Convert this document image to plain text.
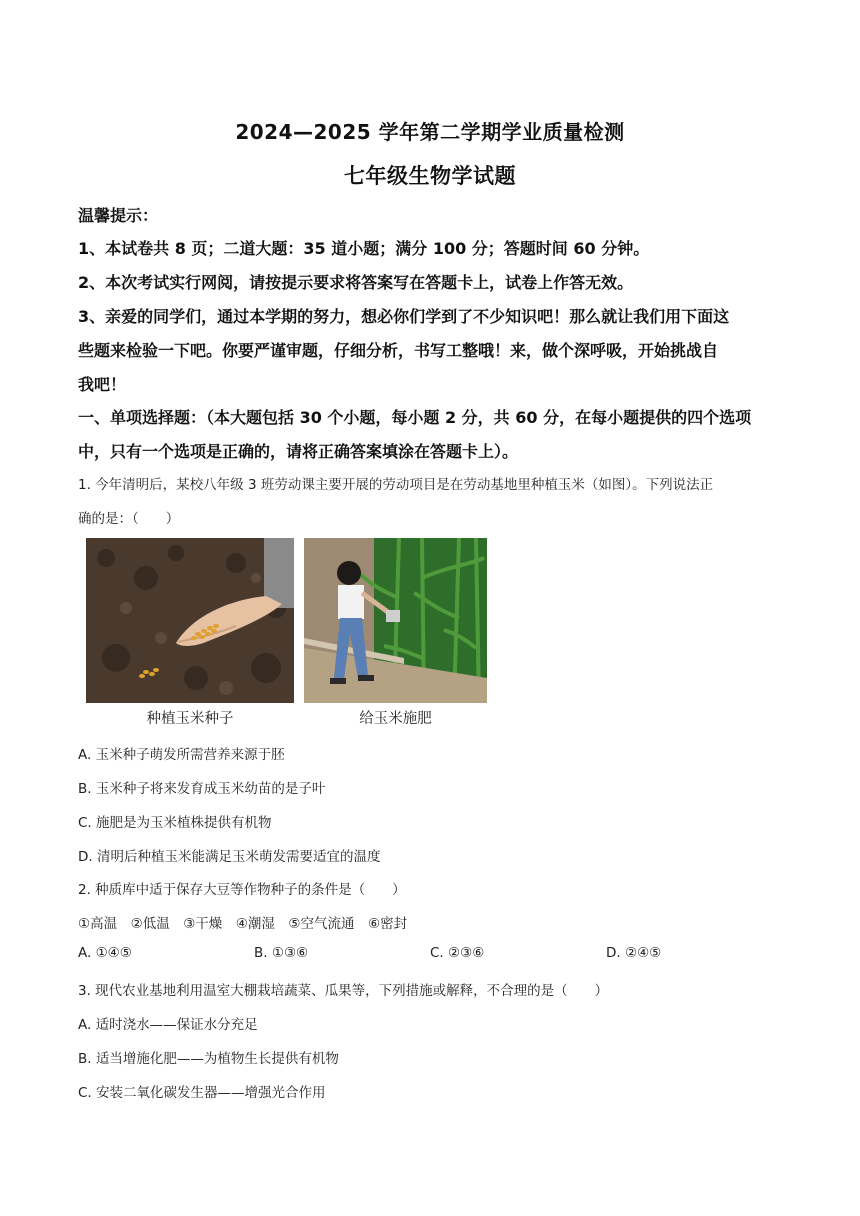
2024—2025 学年第二学期学业质量检测
七年级生物学试题
温馨提示：
1、本试卷共 8 页；二道大题：35 道小题；满分 100 分；答题时间 60 分钟。
2、本次考试实行网阅，请按提示要求将答案写在答题卡上，试卷上作答无效。
3、亲爱的同学们，通过本学期的努力，想必你们学到了不少知识吧！那么就让我们用下面这
些题来检验一下吧。你要严谨审题，仔细分析，书写工整哦！来，做个深呼吸，开始挑战自
我吧！
一、单项选择题：（本大题包括 30 个小题，每小题 2 分，共 60 分，在每小题提供的四个选项
中，只有一个选项是正确的，请将正确答案填涂在答题卡上）。
1. 今年清明后，某校八年级 3 班劳动课主要开展的劳动项目是在劳动基地里种植玉米（如图）。下列说法正
确的是：（　　）
种植玉米种子	给玉米施肥
A. 玉米种子萌发所需营养来源于胚
B. 玉米种子将来发育成玉米幼苗的是子叶
C. 施肥是为玉米植株提供有机物
D. 清明后种植玉米能满足玉米萌发需要适宜的温度
2. 种质库中适于保存大豆等作物种子的条件是（　　）
①高温　②低温　③干燥　④潮湿　⑤空气流通　⑥密封
A. ①④⑤	B. ①③⑥	C. ②③⑥	D. ②④⑤
3. 现代农业基地利用温室大棚栽培蔬菜、瓜果等，下列措施或解释，不合理的是（　　）
A. 适时浇水——保证水分充足
B. 适当增施化肥——为植物生长提供有机物
C. 安装二氧化碳发生器——增强光合作用
